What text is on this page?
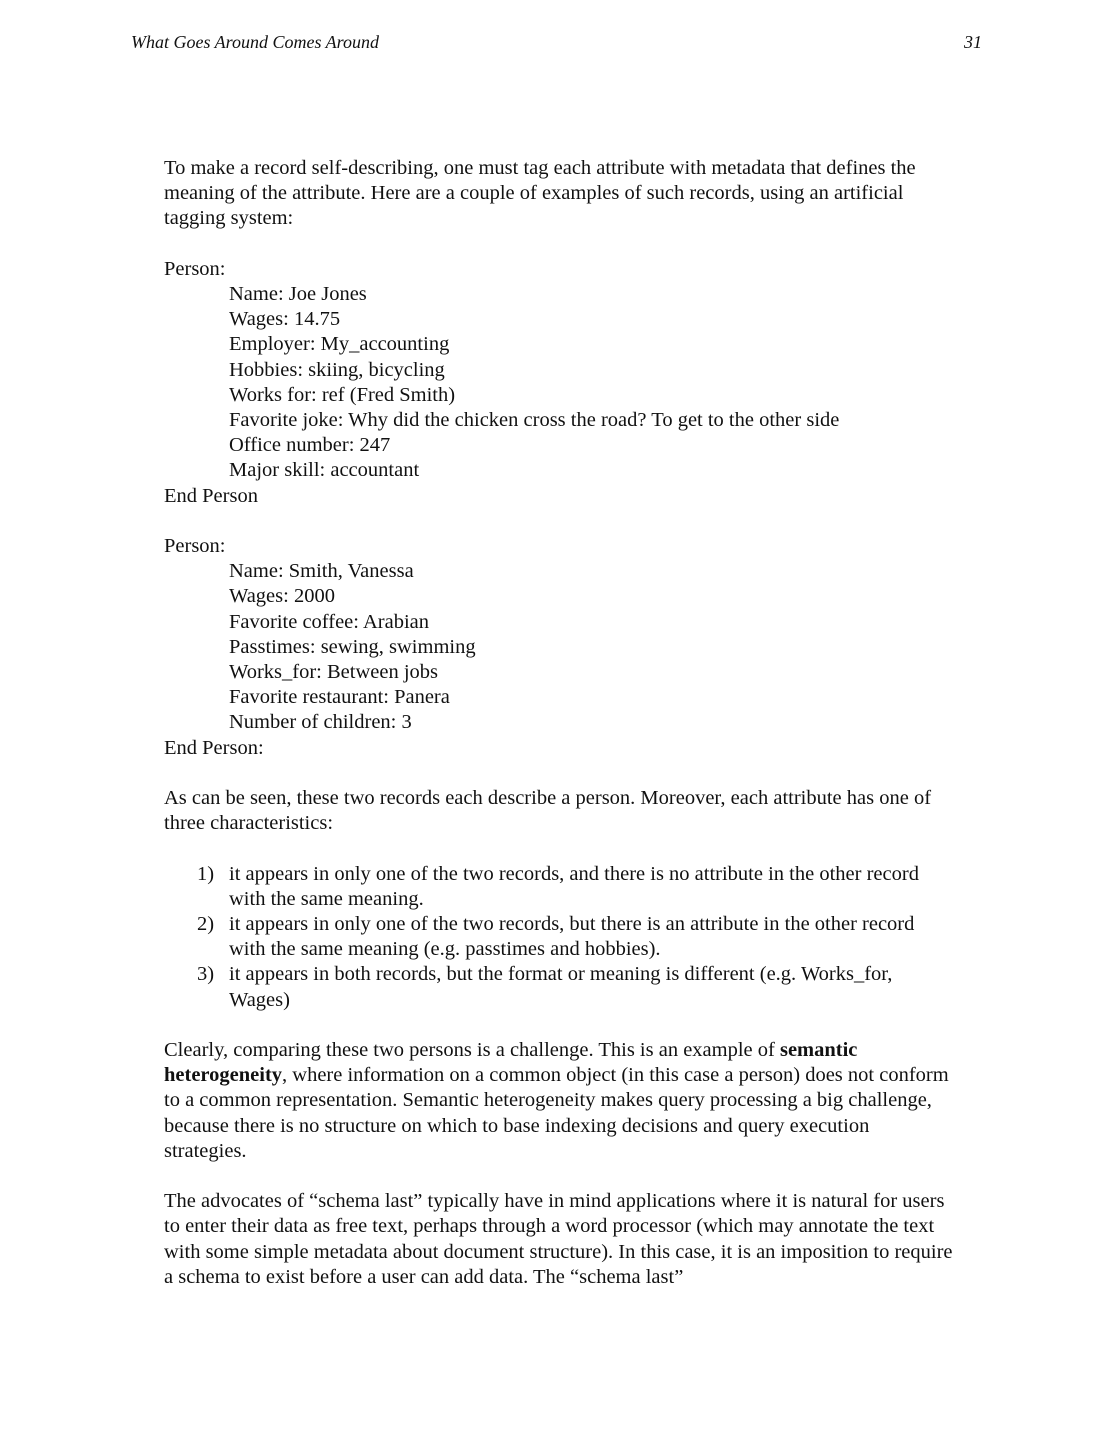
What Goes Around Comes Around	31

To make a record self-describing, one must tag each attribute with metadata that defines the meaning of the attribute. Here are a couple of examples of such records, using an artificial tagging system:

Person:

Name: Joe Jones

Wages: 14.75

Employer: My_accounting

Hobbies: skiing, bicycling

Works for: ref (Fred Smith)

Favorite joke: Why did the chicken cross the road? To get to the other side

Office number: 247

Major skill: accountant

End Person

Person:

Name: Smith, Vanessa

Wages: 2000

Favorite coffee: Arabian

Passtimes: sewing, swimming

Works_for: Between jobs

Favorite restaurant: Panera

Number of children: 3

End Person:

As can be seen, these two records each describe a person. Moreover, each attribute has one of three characteristics:

1) it appears in only one of the two records, and there is no attribute in the other record with the same meaning.
2) it appears in only one of the two records, but there is an attribute in the other record with the same meaning (e.g. passtimes and hobbies).
3) it appears in both records, but the format or meaning is different (e.g. Works_for, Wages)

Clearly, comparing these two persons is a challenge. This is an example of semantic heterogeneity, where information on a common object (in this case a person) does not conform to a common representation. Semantic heterogeneity makes query processing a big challenge, because there is no structure on which to base indexing decisions and query execution strategies.

The advocates of “schema last” typically have in mind applications where it is natural for users to enter their data as free text, perhaps through a word processor (which may annotate the text with some simple metadata about document structure). In this case, it is an imposition to require a schema to exist before a user can add data. The “schema last”
